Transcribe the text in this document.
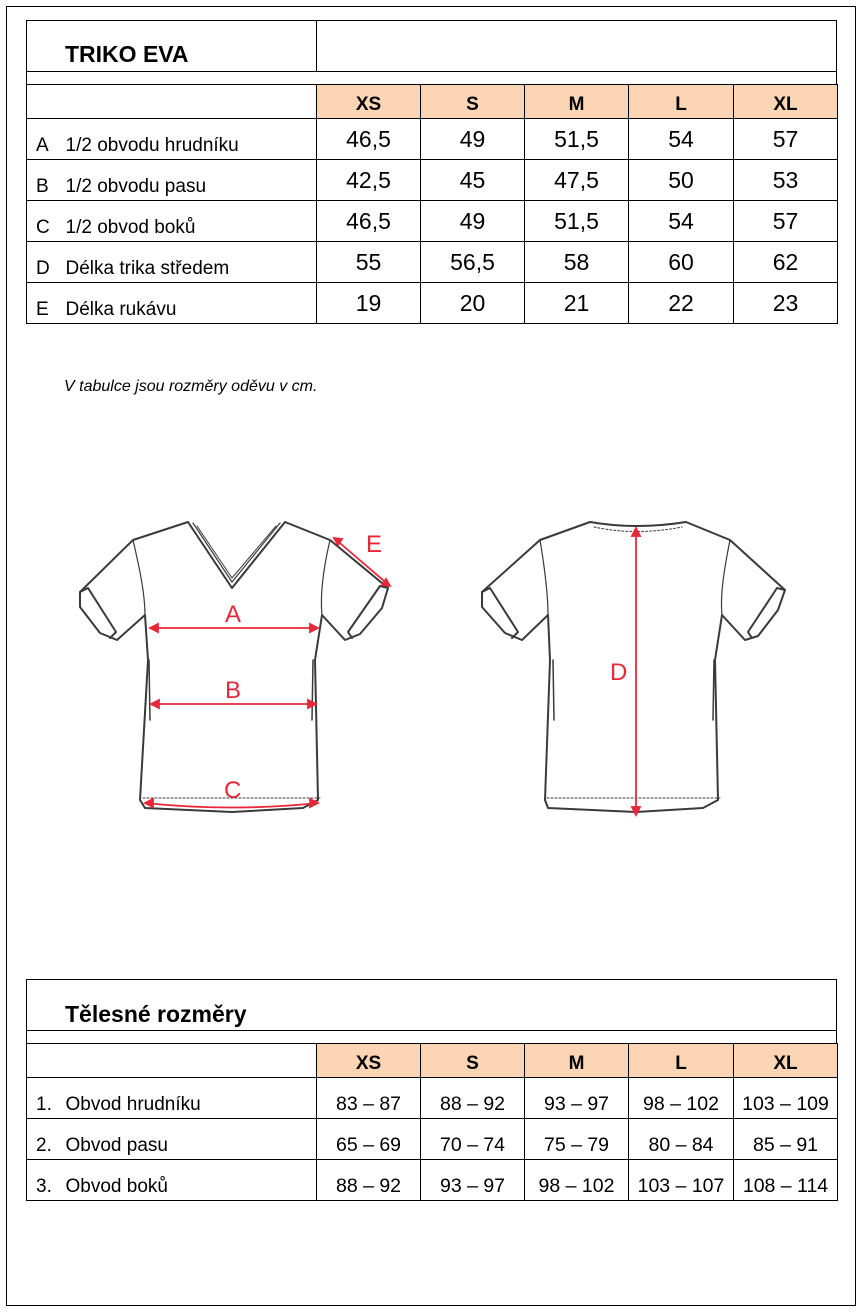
TRIKO EVA
		XS	S	M	L	XL
A	1/2 obvodu hrudníku	46,5	49	51,5	54	57
B	1/2 obvodu pasu	42,5	45	47,5	50	53
C	1/2 obvod boků	46,5	49	51,5	54	57
D	Délka trika středem	55	56,5	58	60	62
E	Délka rukávu	19	20	21	22	23
V tabulce jsou rozměry oděvu v cm.
A
B
C
D
E
Tělesné rozměry
		XS	S	M	L	XL
1.	Obvod hrudníku	83 – 87	88 – 92	93 – 97	98 – 102	103 – 109
2.	Obvod pasu	65 – 69	70 – 74	75 – 79	80 – 84	85 – 91
3.	Obvod boků	88 – 92	93 – 97	98 – 102	103 – 107	108 – 114
